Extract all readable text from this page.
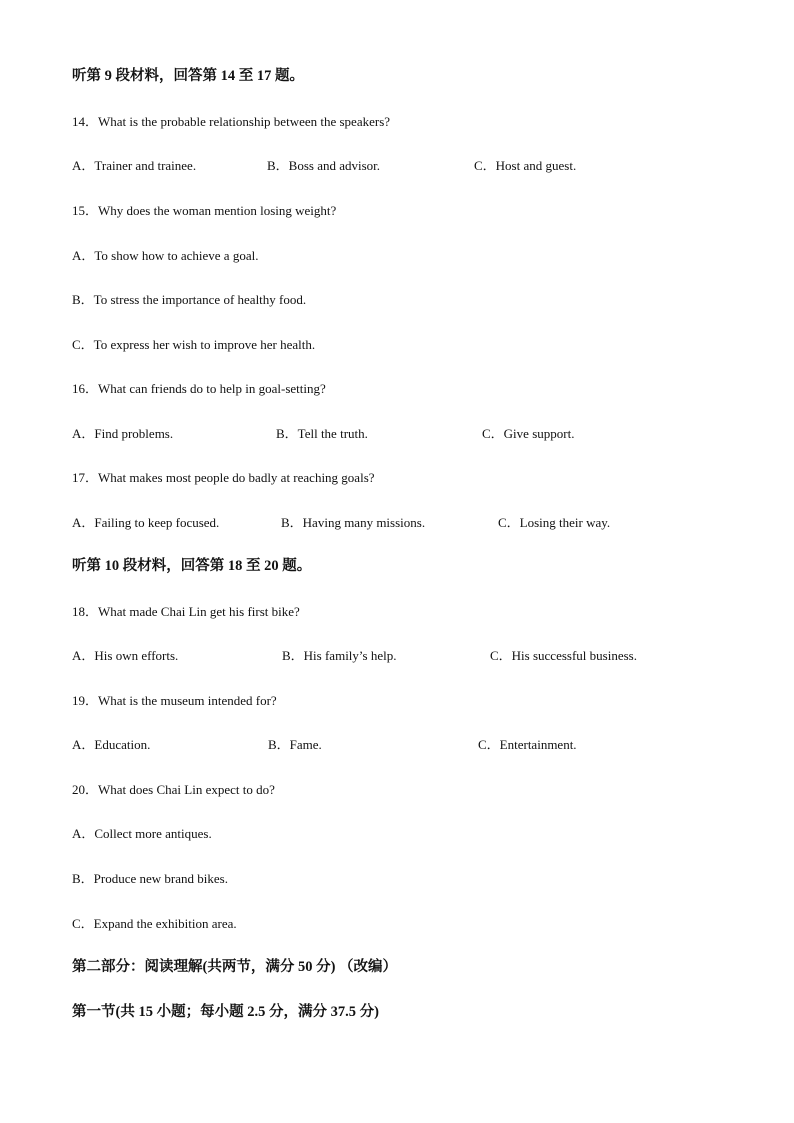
听第 9 段材料，回答第 14 至 17 题。
14．What is the probable relationship between the speakers?
A．Trainer and trainee.	B．Boss and advisor.	C．Host and guest.
15．Why does the woman mention losing weight?
A．To show how to achieve a goal.
B．To stress the importance of healthy food.
C．To express her wish to improve her health.
16．What can friends do to help in goal-setting?
A．Find problems.	B．Tell the truth.	C．Give support.
17．What makes most people do badly at reaching goals?
A．Failing to keep focused.	B．Having many missions.	C．Losing their way.
听第 10 段材料，回答第 18 至 20 题。
18．What made Chai Lin get his first bike?
A．His own efforts.	B．His family’s help.	C．His successful business.
19．What is the museum intended for?
A．Education.	B．Fame.	C．Entertainment.
20．What does Chai Lin expect to do?
A．Collect more antiques.
B．Produce new brand bikes.
C．Expand the exhibition area.
第二部分：阅读理解(共两节，满分 50 分) （改编）
第一节(共 15 小题；每小题 2.5 分，满分 37.5 分)
